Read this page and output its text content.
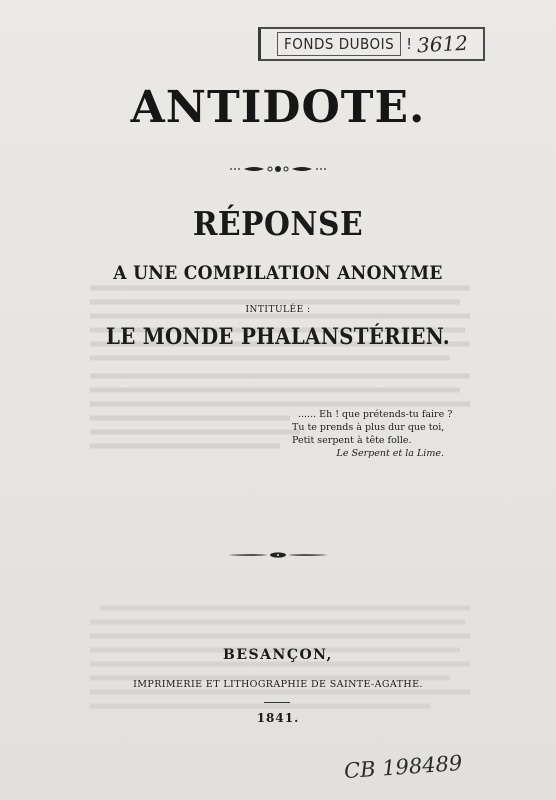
FONDS DUBOIS ! 3612
ANTIDOTE.
RÉPONSE
A UNE COMPILATION ANONYME
INTITULÉE :
LE MONDE PHALANSTÉRIEN.
...... Eh ! que prétends-tu faire ?
Tu te prends à plus dur que toi,
Petit serpent à tête folle.
Le Serpent et la Lime.
BESANÇON,
IMPRIMERIE ET LITHOGRAPHIE DE SAINTE-AGATHE.
1841.
CB 198489
